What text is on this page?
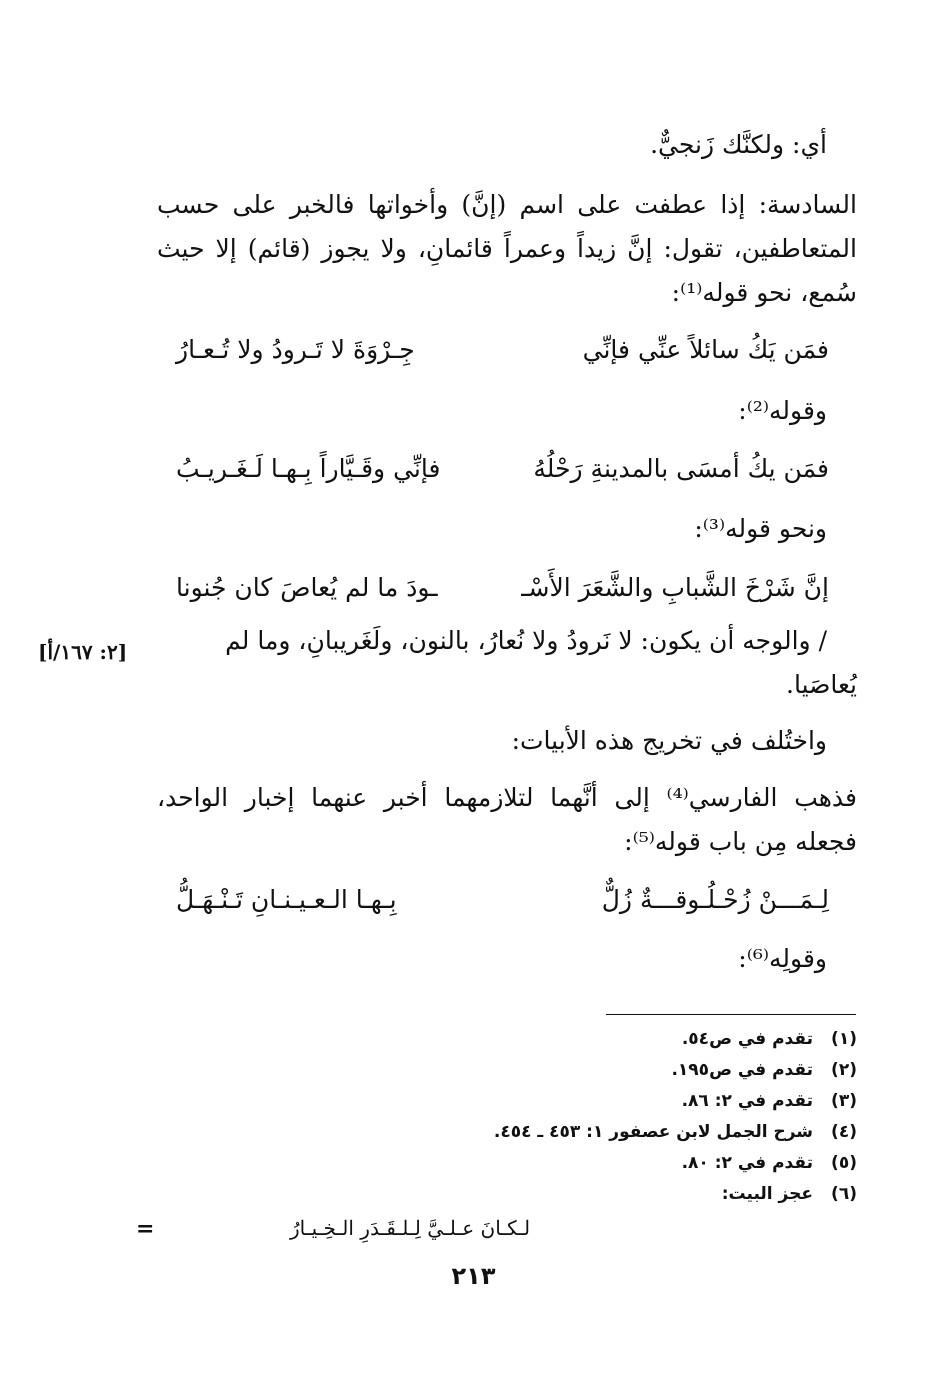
أي: ولكنَّك زَنجيٌّ.
السادسة: إذا عطفت على اسم (إنَّ) وأخواتها فالخبر على حسب
المتعاطفين، تقول: إنَّ زيداً وعمراً قائمانِ، ولا يجوز (قائم) إلا حيث
سُمع، نحو قوله⁽¹⁾:
فمَن يَكُ سائلاً عنِّي فإنِّي
جِـرْوَةَ لا تَـرودُ ولا تُـعـارُ
وقوله⁽²⁾:
فمَن يكُ أمسَى بالمدينةِ رَحْلُهُ
فإنِّي وقَـيَّاراً بِـهـا لَـغَـريـبُ
ونحو قوله⁽³⁾:
إنَّ شَرْخَ الشَّبابِ والشَّعَرَ الأَسْـ
ـودَ ما لم يُعاصَ كان جُنونا
/ والوجه أن يكون: لا نَرودُ ولا نُعارُ، بالنون، ولَغَريبانِ، وما لم
[٢: ١٦٧/أ]
يُعاصَيا.
واختُلف في تخريج هذه الأبيات:
فذهب الفارسي⁽⁴⁾ إلى أنَّهما لتلازمهما أخبر عنهما إخبار الواحد،
فجعله مِن باب قوله⁽⁵⁾:
لِـمَـــنْ زُحْـلُـوقـــةٌ زُلٌّ
بِـهـا الـعـيـنـانِ تَـنْـهَـلُّ
وقولِه⁽⁶⁾:
(١)تقدم في ص٥٤.
(٢)تقدم في ص١٩٥.
(٣)تقدم في ٢: ٨٦.
(٤)شرح الجمل لابن عصفور ١: ٤٥٣ ـ ٤٥٤.
(٥)تقدم في ٢: ٨٠.
(٦)عجز البيت:
لـكـانَ عـلـيَّ لِـلـقَـدَرِ الـخِـيـارُ
=
٢١٣
